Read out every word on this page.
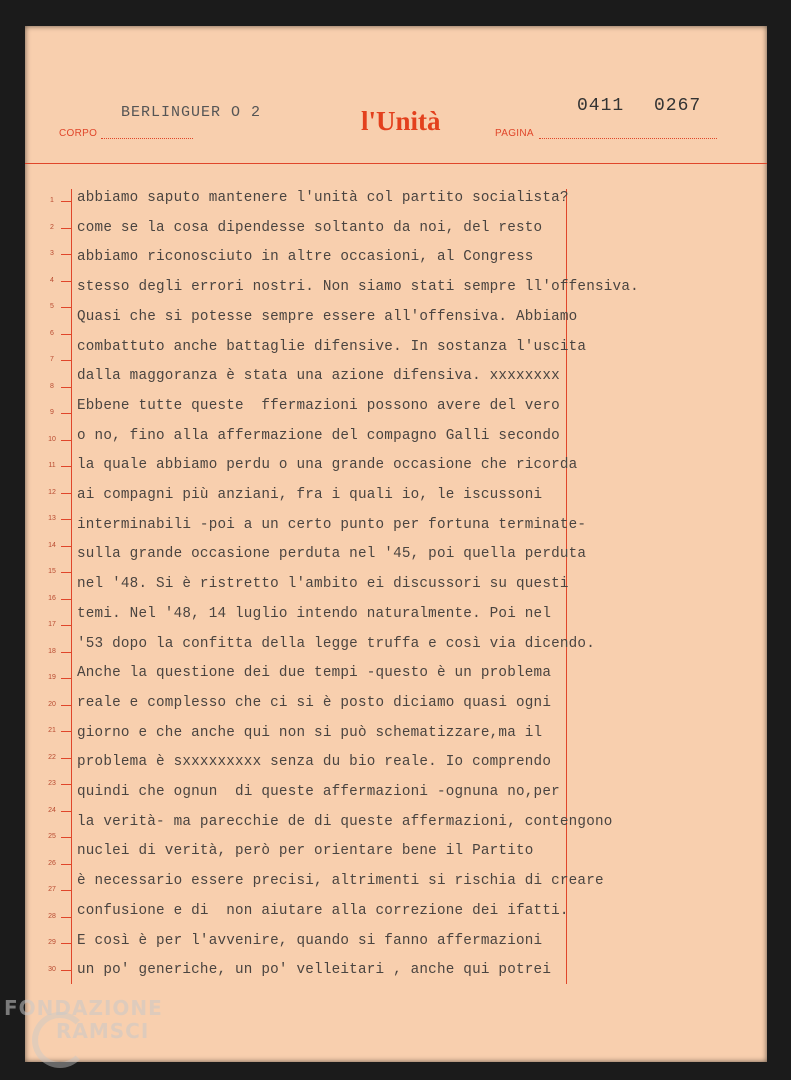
CORPO
BERLINGUER O 2	l'Unità	PAGINA
0411 0267
1
2
3
4
5
6
7
8
9
10
11
12
13
14
15
16
17
18
19
20
21
22
23
24
25
26
27
28
29
30
abbiamo saputo mantenere l'unità col partito socialista?
come se la cosa dipendesse soltanto da noi, del resto
abbiamo riconosciuto in altre occasioni, al Congress
stesso degli errori nostri. Non siamo stati sempre ll'offensiva.
Quasi che si potesse sempre essere all'offensiva. Abbiamo
combattuto anche battaglie difensive. In sostanza l'uscita
dalla maggoranza è stata una azione difensiva. xxxxxxxx
Ebbene tutte queste  ffermazioni possono avere del vero
o no, fino alla affermazione del compagno Galli secondo
la quale abbiamo perdu o una grande occasione che ricorda
ai compagni più anziani, fra i quali io, le iscussoni
interminabili -poi a un certo punto per fortuna terminate-
sulla grande occasione perduta nel '45, poi quella perduta
nel '48. Si è ristretto l'ambito ei discussori su questi
temi. Nel '48, 14 luglio intendo naturalmente. Poi nel
'53 dopo la confitta della legge truffa e così via dicendo.
Anche la questione dei due tempi -questo è un problema
reale e complesso che ci si è posto diciamo quasi ogni
giorno e che anche qui non si può schematizzare,ma il
problema è sxxxxxxxxx senza du bio reale. Io comprendo
quindi che ognun  di queste affermazioni -ognuna no,per
la verità- ma parecchie de di queste affermazioni, contengono
nuclei di verità, però per orientare bene il Partito
è necessario essere precisi, altrimenti si rischia di creare
confusione e di  non aiutare alla correzione dei ifatti.
E così è per l'avvenire, quando si fanno affermazioni
un po' generiche, un po' velleitari , anche qui potrei
FONDAZIONE
RAMSCI
